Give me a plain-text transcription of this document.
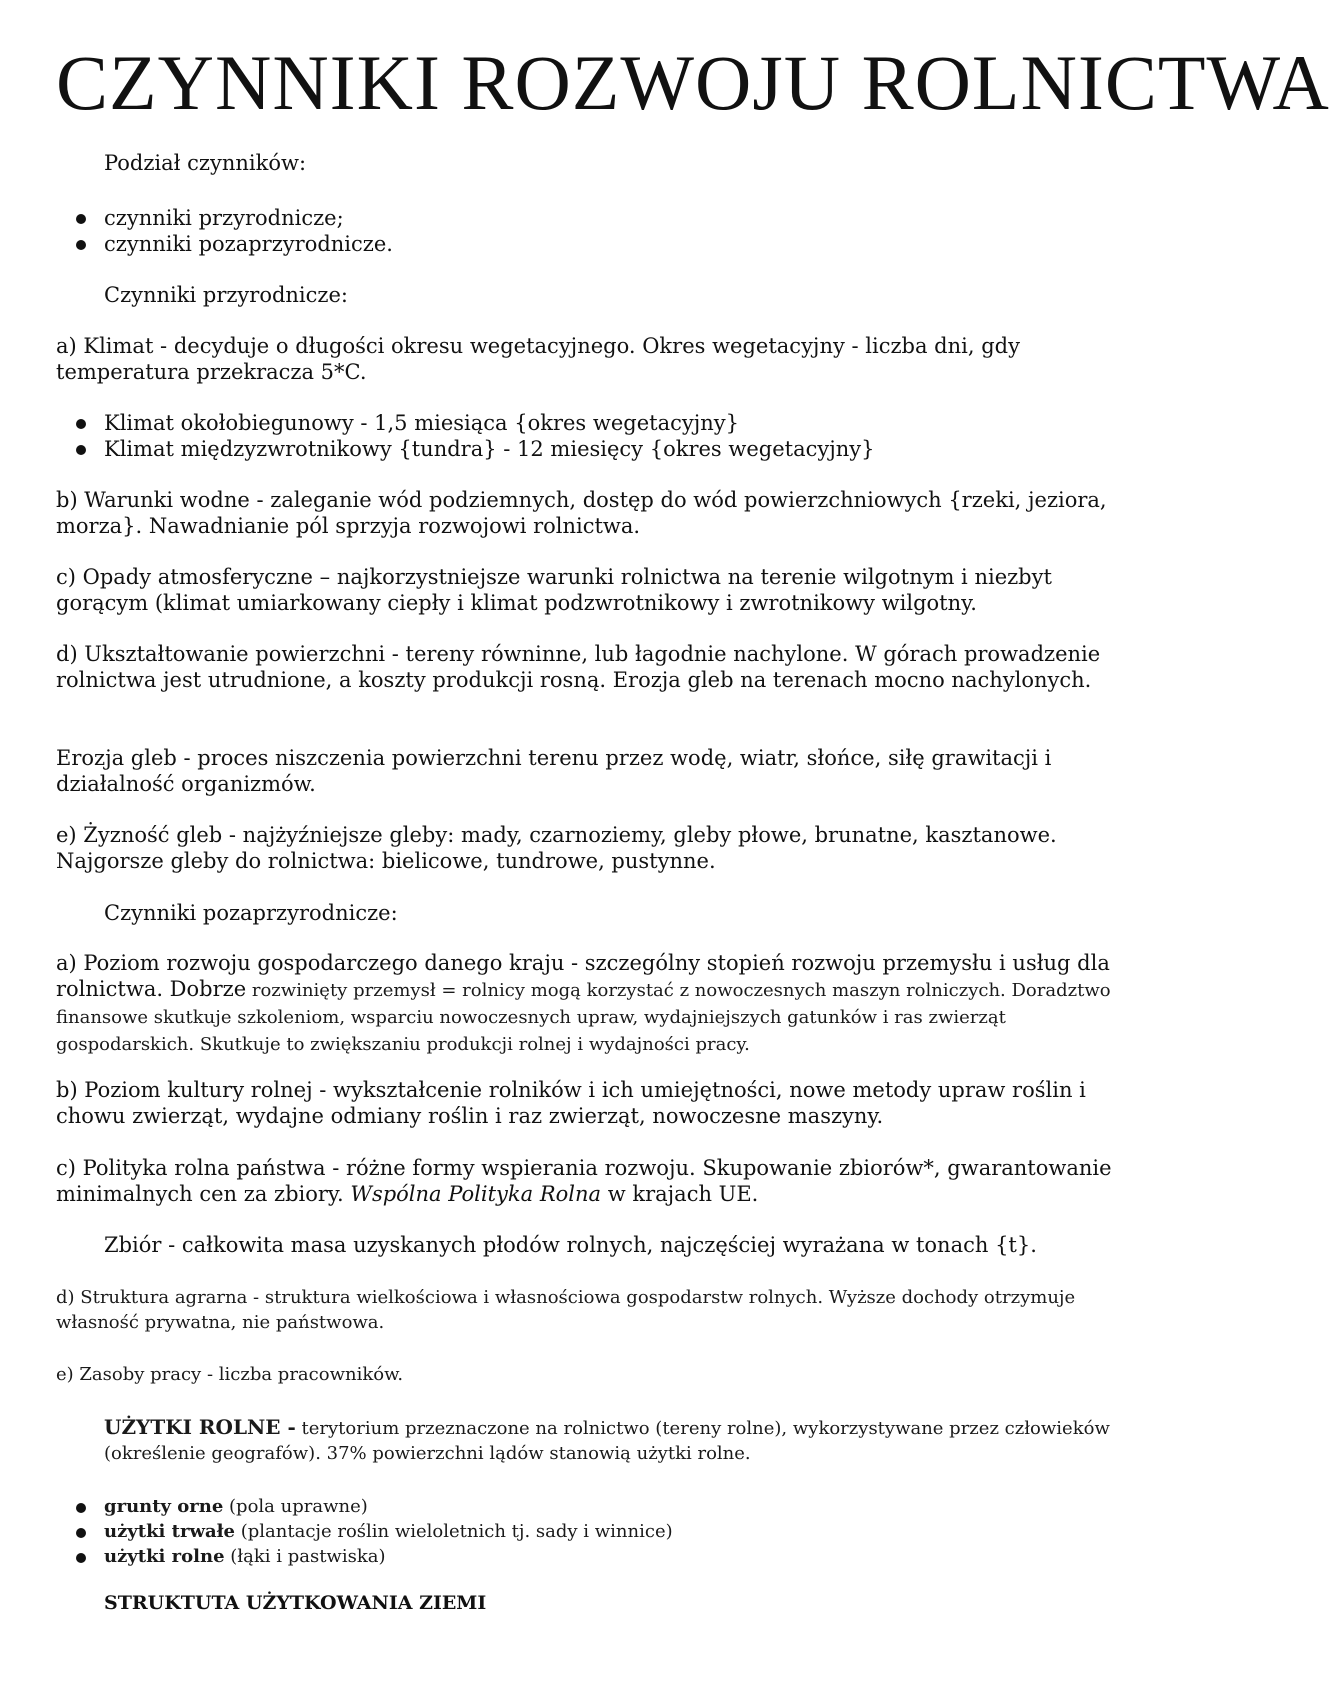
CZYNNIKI ROZWOJU ROLNICTWA
Podział czynników:
czynniki przyrodnicze;
czynniki pozaprzyrodnicze.
Czynniki przyrodnicze:
a) Klimat - decyduje o długości okresu wegetacyjnego. Okres wegetacyjny - liczba dni, gdy temperatura przekracza 5*C.
Klimat okołobiegunowy - 1,5 miesiąca {okres wegetacyjny}
Klimat międzyzwrotnikowy {tundra} - 12 miesięcy {okres wegetacyjny}
b) Warunki wodne - zaleganie wód podziemnych, dostęp do wód powierzchniowych {rzeki, jeziora, morza}. Nawadnianie pól sprzyja rozwojowi rolnictwa.
c) Opady atmosferyczne – najkorzystniejsze warunki rolnictwa na terenie wilgotnym i niezbyt gorącym (klimat umiarkowany ciepły i klimat podzwrotnikowy i zwrotnikowy wilgotny.
d) Ukształtowanie powierzchni - tereny równinne, lub łagodnie nachylone. W górach prowadzenie rolnictwa jest utrudnione, a koszty produkcji rosną. Erozja gleb na terenach mocno nachylonych.
Erozja gleb - proces niszczenia powierzchni terenu przez wodę, wiatr, słońce, siłę grawitacji i działalność organizmów.
e) Żyzność gleb - najżyźniejsze gleby: mady, czarnoziemy, gleby płowe, brunatne, kasztanowe. Najgorsze gleby do rolnictwa: bielicowe, tundrowe, pustynne.
Czynniki pozaprzyrodnicze:
a) Poziom rozwoju gospodarczego danego kraju - szczególny stopień rozwoju przemysłu i usług dla rolnictwa. Dobrze rozwinięty przemysł = rolnicy mogą korzystać z nowoczesnych maszyn rolniczych. Doradztwo finansowe skutkuje szkoleniom, wsparciu nowoczesnych upraw, wydajniejszych gatunków i ras zwierząt gospodarskich. Skutkuje to zwiększaniu produkcji rolnej i wydajności pracy.
b) Poziom kultury rolnej - wykształcenie rolników i ich umiejętności, nowe metody upraw roślin i chowu zwierząt, wydajne odmiany roślin i raz zwierząt, nowoczesne maszyny.
c) Polityka rolna państwa - różne formy wspierania rozwoju. Skupowanie zbiorów*, gwarantowanie minimalnych cen za zbiory. Wspólna Polityka Rolna w krajach UE.
Zbiór - całkowita masa uzyskanych płodów rolnych, najczęściej wyrażana w tonach {t}.
d) Struktura agrarna - struktura wielkościowa i własnościowa gospodarstw rolnych. Wyższe dochody otrzymuje własność prywatna, nie państwowa.
e) Zasoby pracy - liczba pracowników.
UŻYTKI ROLNE - terytorium przeznaczone na rolnictwo (tereny rolne), wykorzystywane przez człowieków (określenie geografów). 37% powierzchni lądów stanowią użytki rolne.
grunty orne (pola uprawne)
użytki trwałe (plantacje roślin wieloletnich tj. sady i winnice)
użytki rolne (łąki i pastwiska)
STRUKTUTA UŻYTKOWANIA ZIEMI
